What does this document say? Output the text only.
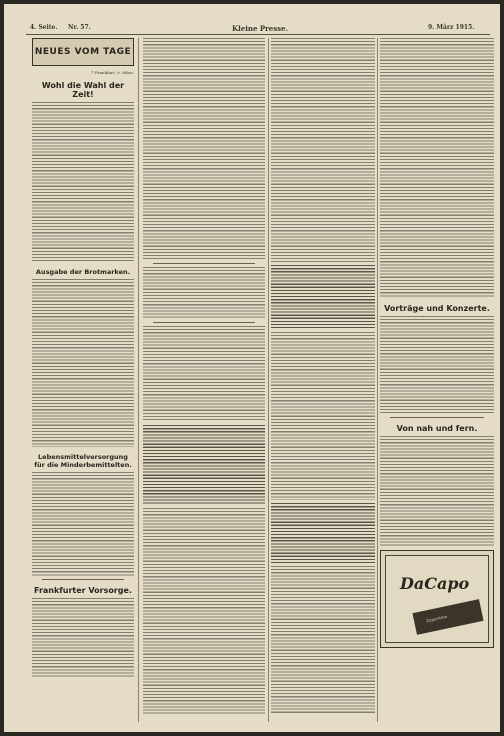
4. Seite. Nr. 57.	Kleine Presse.	9. März 1915.
NEUES VOM TAGE
* Frankfurt, 9. März.
Wohl die Wahl der Zeit!
Ausgabe der Brotmarken.
Lebensmittelversorgung für die Minderbemittelten.
Frankfurter Vorsorge.
Vorträge und Konzerte.
Von nah und fern.
DaCapo
Zigaretten
